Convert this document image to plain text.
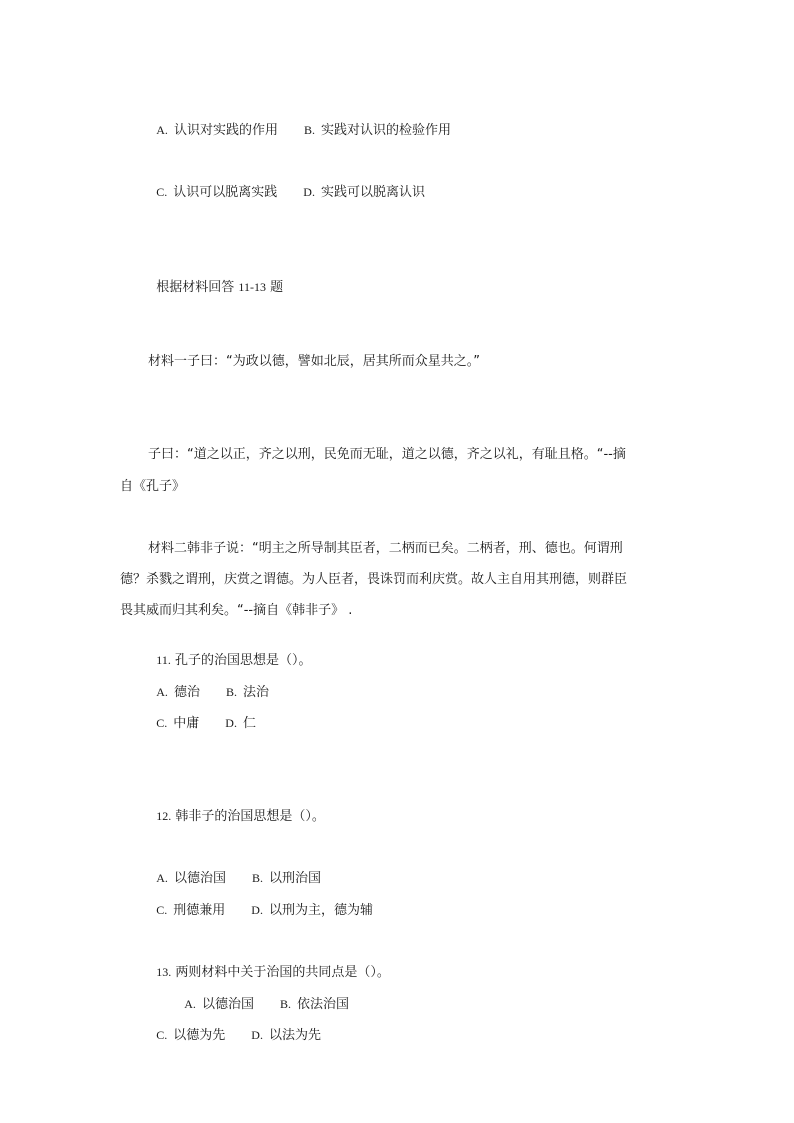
A. 认识对实践的作用 B. 实践对认识的检验作用

C. 认识可以脱离实践 D. 实践可以脱离认识

根据材料回答 11-13 题

材料一子曰：“为政以德，譬如北辰，居其所而众星共之。”
子曰：“道之以正，齐之以刑，民免而无耻，道之以德，齐之以礼，有耻且格。“--摘
自《孔子》
材料二韩非子说：“明主之所导制其臣者，二柄而已矣。二柄者，刑、德也。何谓刑
德？杀戮之谓刑，庆赏之谓德。为人臣者，畏诛罚而利庆赏。故人主自用其刑德，则群臣
畏其威而归其利矣。“--摘自《韩非子》 .

11. 孔子的治国思想是（）。

A. 德治 B. 法治

C. 中庸 D. 仁

12. 韩非子的治国思想是（）。

A. 以德治国 B. 以刑治国

C. 刑德兼用 D. 以刑为主，德为辅

13. 两则材料中关于治国的共同点是（）。

A. 以德治国 B. 依法治国

C. 以德为先 D. 以法为先
